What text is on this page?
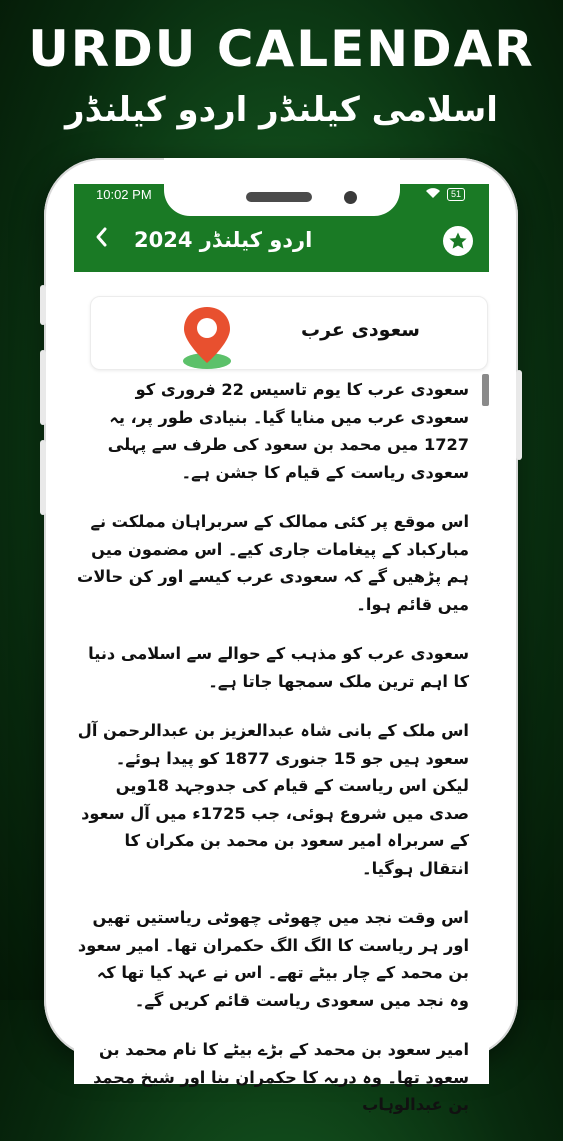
URDU CALENDAR
اسلامی کیلنڈر اردو کیلنڈر
10:02 PM	51
اردو کیلنڈر 2024
سعودی عرب

سعودی عرب کا یوم تاسیس 22 فروری کو سعودی عرب میں منایا گیا۔ بنیادی طور پر، یہ 1727 میں محمد بن سعود کی طرف سے پہلی سعودی ریاست کے قیام کا جشن ہے۔

اس موقع پر کئی ممالک کے سربراہان مملکت نے مبارکباد کے پیغامات جاری کیے۔ اس مضمون میں ہم پڑھیں گے کہ سعودی عرب کیسے اور کن حالات میں قائم ہوا۔

سعودی عرب کو مذہب کے حوالے سے اسلامی دنیا کا اہم ترین ملک سمجھا جاتا ہے۔

اس ملک کے بانی شاہ عبدالعزیز بن عبدالرحمن آل سعود ہیں جو 15 جنوری 1877 کو پیدا ہوئے۔ لیکن اس ریاست کے قیام کی جدوجہد 18ویں صدی میں شروع ہوئی، جب 1725ء میں آل سعود کے سربراہ امیر سعود بن محمد بن مکران کا انتقال ہوگیا۔

اس وقت نجد میں چھوٹی چھوٹی ریاستیں تھیں اور ہر ریاست کا الگ الگ حکمران تھا۔ امیر سعود بن محمد کے چار بیٹے تھے۔ اس نے عہد کیا تھا کہ وہ نجد میں سعودی ریاست قائم کریں گے۔

امیر سعود بن محمد کے بڑے بیٹے کا نام محمد بن سعود تھا۔ وہ دریہ کا حکمران بنا اور شیخ محمد بن عبدالوہاب
